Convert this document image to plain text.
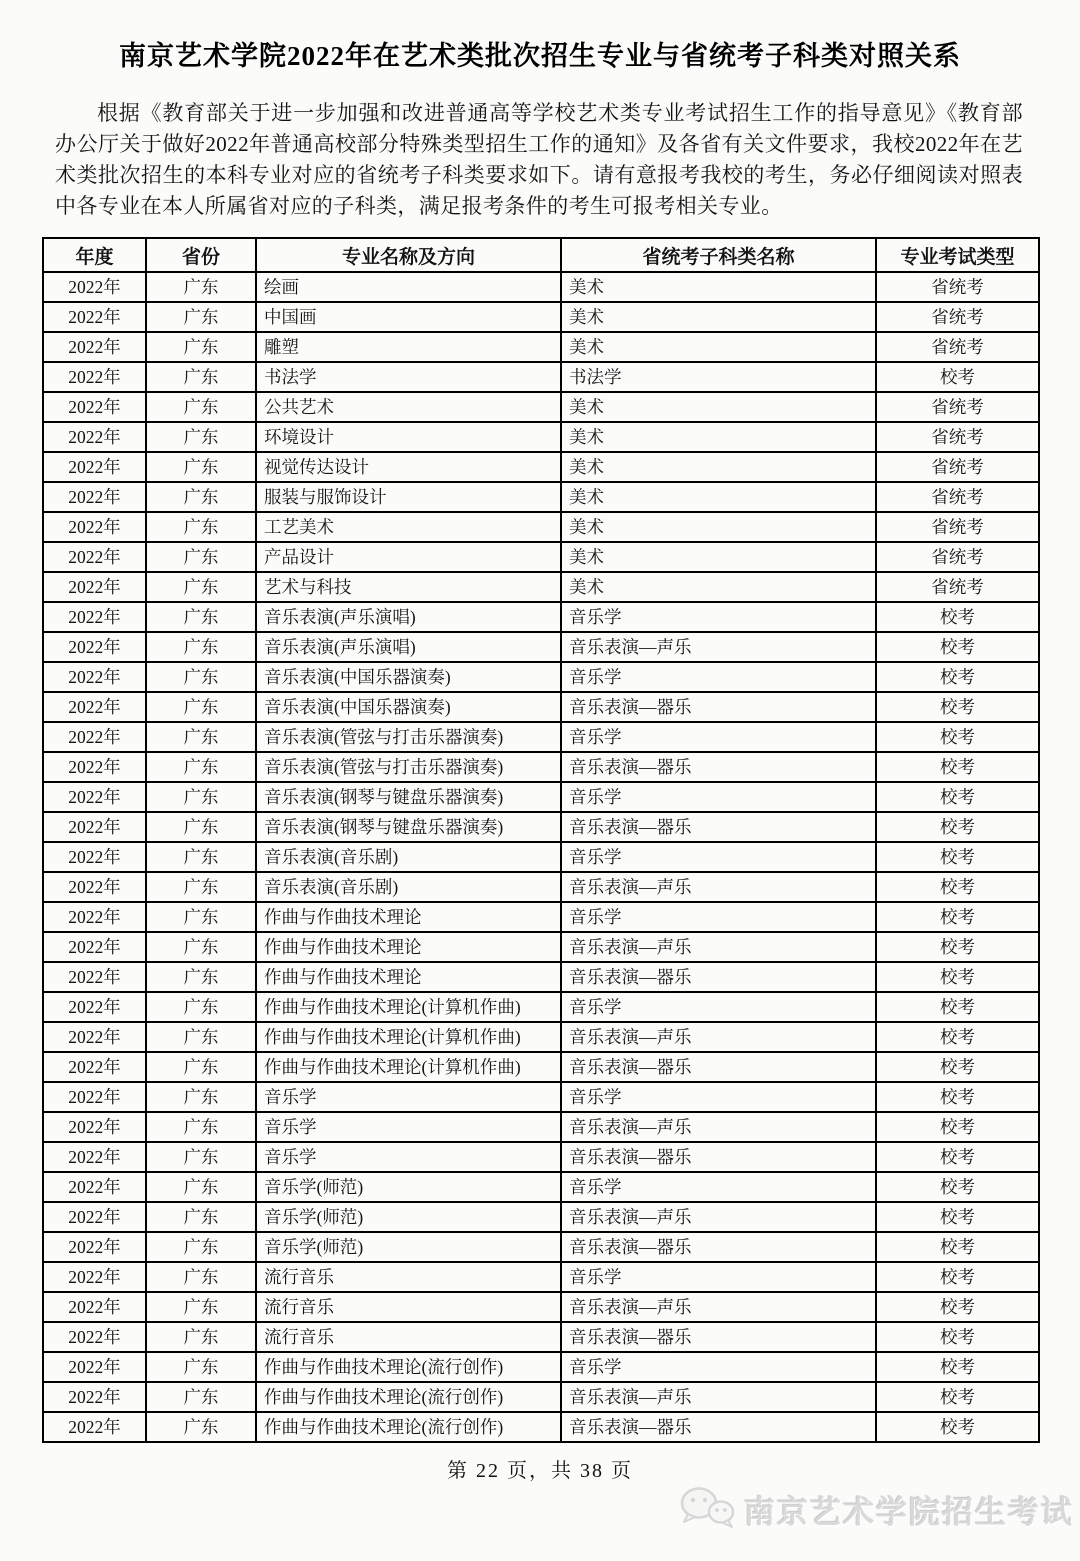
南京艺术学院2022年在艺术类批次招生专业与省统考子科类对照关系

根据《教育部关于进一步加强和改进普通高等学校艺术类专业考试招生工作的指导意见》《教育部办公厅关于做好2022年普通高校部分特殊类型招生工作的通知》及各省有关文件要求，我校2022年在艺术类批次招生的本科专业对应的省统考子科类要求如下。请有意报考我校的考生，务必仔细阅读对照表中各专业在本人所属省对应的子科类，满足报考条件的考生可报考相关专业。

年度	省份	专业名称及方向	省统考子科类名称	专业考试类型
2022年	广东	绘画	美术	省统考
2022年	广东	中国画	美术	省统考
2022年	广东	雕塑	美术	省统考
2022年	广东	书法学	书法学	校考
2022年	广东	公共艺术	美术	省统考
2022年	广东	环境设计	美术	省统考
2022年	广东	视觉传达设计	美术	省统考
2022年	广东	服装与服饰设计	美术	省统考
2022年	广东	工艺美术	美术	省统考
2022年	广东	产品设计	美术	省统考
2022年	广东	艺术与科技	美术	省统考
2022年	广东	音乐表演(声乐演唱)	音乐学	校考
2022年	广东	音乐表演(声乐演唱)	音乐表演—声乐	校考
2022年	广东	音乐表演(中国乐器演奏)	音乐学	校考
2022年	广东	音乐表演(中国乐器演奏)	音乐表演—器乐	校考
2022年	广东	音乐表演(管弦与打击乐器演奏)	音乐学	校考
2022年	广东	音乐表演(管弦与打击乐器演奏)	音乐表演—器乐	校考
2022年	广东	音乐表演(钢琴与键盘乐器演奏)	音乐学	校考
2022年	广东	音乐表演(钢琴与键盘乐器演奏)	音乐表演—器乐	校考
2022年	广东	音乐表演(音乐剧)	音乐学	校考
2022年	广东	音乐表演(音乐剧)	音乐表演—声乐	校考
2022年	广东	作曲与作曲技术理论	音乐学	校考
2022年	广东	作曲与作曲技术理论	音乐表演—声乐	校考
2022年	广东	作曲与作曲技术理论	音乐表演—器乐	校考
2022年	广东	作曲与作曲技术理论(计算机作曲)	音乐学	校考
2022年	广东	作曲与作曲技术理论(计算机作曲)	音乐表演—声乐	校考
2022年	广东	作曲与作曲技术理论(计算机作曲)	音乐表演—器乐	校考
2022年	广东	音乐学	音乐学	校考
2022年	广东	音乐学	音乐表演—声乐	校考
2022年	广东	音乐学	音乐表演—器乐	校考
2022年	广东	音乐学(师范)	音乐学	校考
2022年	广东	音乐学(师范)	音乐表演—声乐	校考
2022年	广东	音乐学(师范)	音乐表演—器乐	校考
2022年	广东	流行音乐	音乐学	校考
2022年	广东	流行音乐	音乐表演—声乐	校考
2022年	广东	流行音乐	音乐表演—器乐	校考
2022年	广东	作曲与作曲技术理论(流行创作)	音乐学	校考
2022年	广东	作曲与作曲技术理论(流行创作)	音乐表演—声乐	校考
2022年	广东	作曲与作曲技术理论(流行创作)	音乐表演—器乐	校考
第 22 页，共 38 页
南京艺术学院招生考试
